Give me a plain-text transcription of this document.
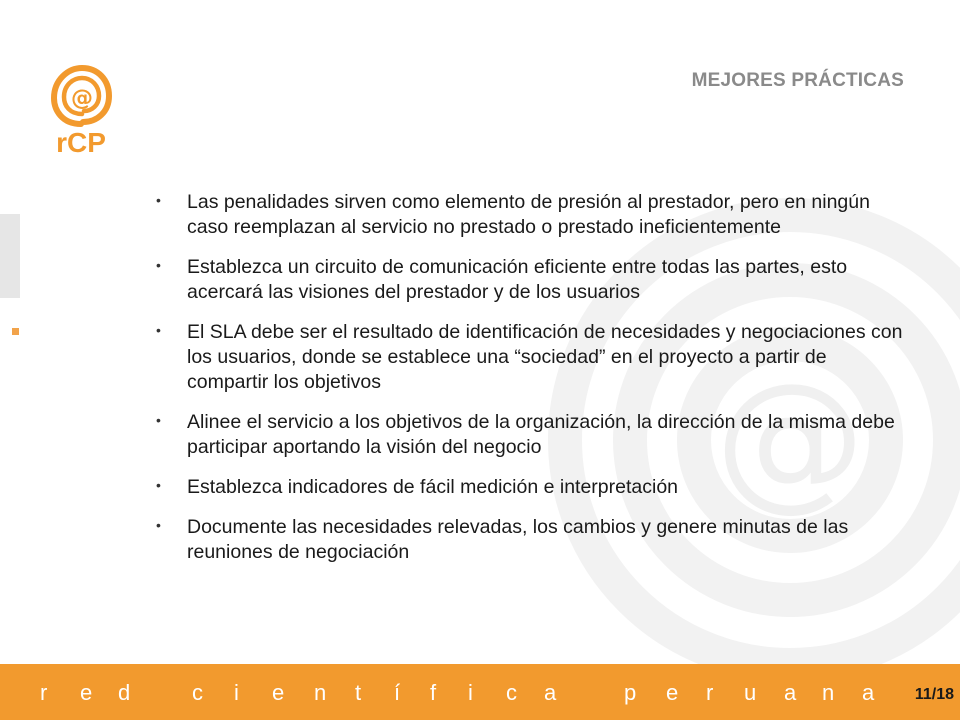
@
@
rCP
MEJORES PRÁCTICAS
• Las penalidades sirven como elemento de presión al prestador, pero en ningún caso reemplazan al servicio no prestado o prestado ineficientemente
• Establezca un circuito de comunicación eficiente entre todas las partes, esto acercará las visiones del prestador y de los usuarios
• El SLA debe ser el resultado de identificación de necesidades y negociaciones con los usuarios, donde se establece una “sociedad” en el proyecto a partir de compartir los objetivos
• Alinee el servicio a los objetivos de la organización, la dirección de la misma debe participar aportando la visión del negocio
• Establezca indicadores de fácil medición e interpretación
• Documente las necesidades relevadas, los cambios y genere minutas de las reuniones de negociación
r e d	c i e n t í f i c a	p e r u a n a	11/18
